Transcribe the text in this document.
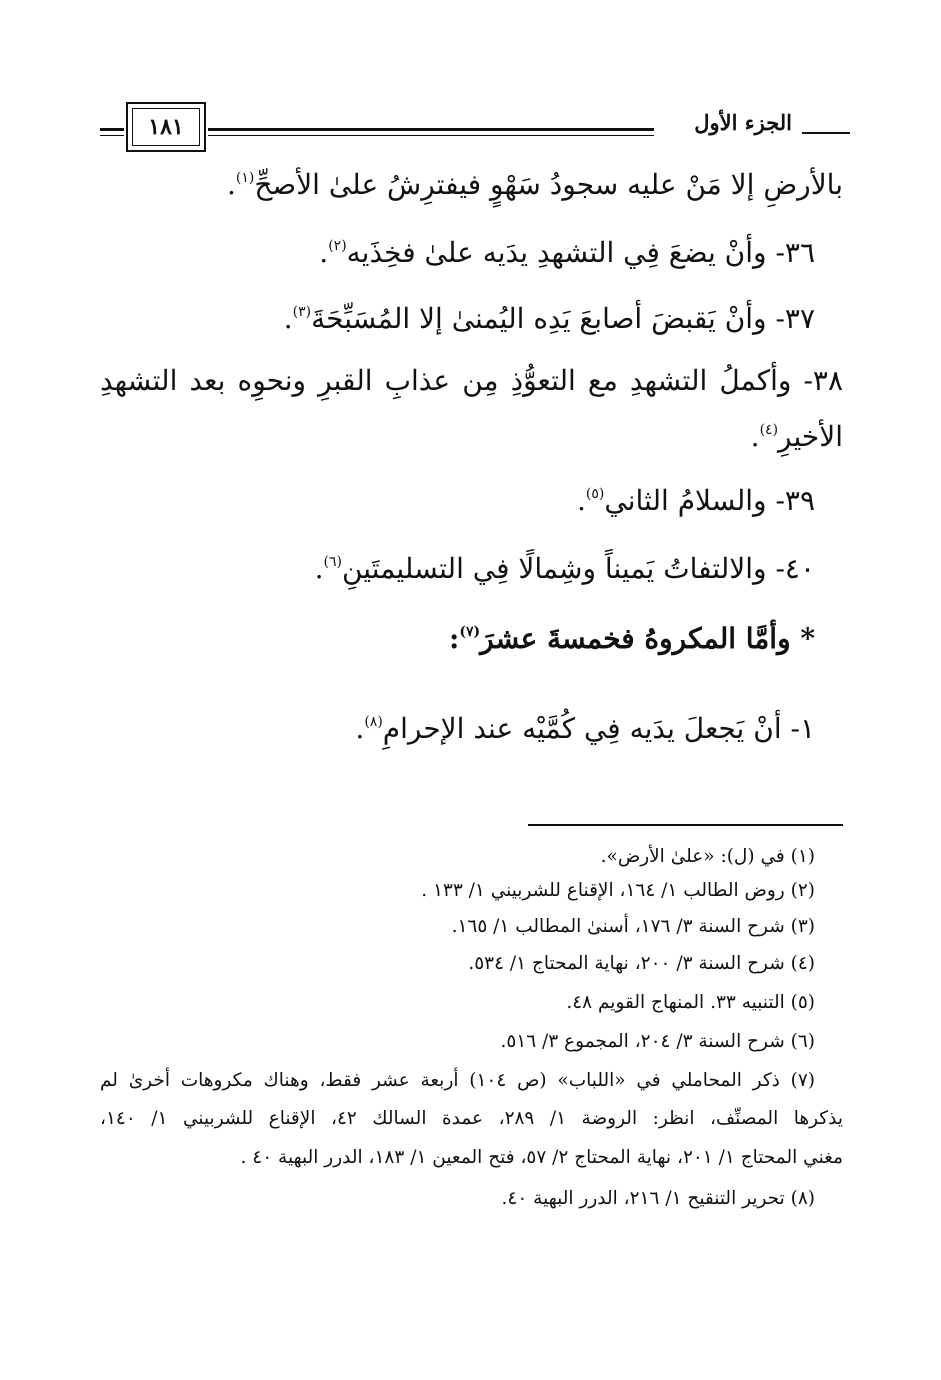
الجزء الأول
١٨١
بالأرضِ إلا مَنْ عليه سجودُ سَهْوٍ فيفترِشُ علىٰ الأصحِّ$^{(١)}$.
٣٦- وأنْ يضعَ فِي التشهدِ يدَيه علىٰ فخِذَيه$^{(٢)}$.
٣٧- وأنْ يَقبضَ أصابعَ يَدِه اليُمنىٰ إلا المُسَبِّحَةَ$^{(٣)}$.
٣٨- وأكملُ التشهدِ مع التعوُّذِ مِن عذابِ القبرِ ونحوِه بعد التشهدِ
الأخيرِ$^{(٤)}$.
٣٩- والسلامُ الثاني$^{(٥)}$.
٤٠- والالتفاتُ يَميناً وشِمالًا فِي التسليمتَينِ$^{(٦)}$.
* وأمَّا المكروهُ فخمسةَ عشرَ$^{(٧)}$:
١- أنْ يَجعلَ يدَيه فِي كُمَّيْه عند الإحرامِ$^{(٨)}$.
(١) في (ل): «علىٰ الأرض».
(٢) روض الطالب ١/ ١٦٤، الإقناع للشربيني ١/ ١٣٣ .
(٣) شرح السنة ٣/ ١٧٦، أسنىٰ المطالب ١/ ١٦٥.
(٤) شرح السنة ٣/ ٢٠٠، نهاية المحتاج ١/ ٥٣٤.
(٥) التنبيه ٣٣. المنهاج القويم ٤٨.
(٦) شرح السنة ٣/ ٢٠٤، المجموع ٣/ ٥١٦.
(٧) ذكر المحاملي في «اللباب» (ص ١٠٤) أربعة عشر فقط، وهناك مكروهات أخرىٰ لم
يذكرها المصنِّف، انظر: الروضة ١/ ٢٨٩، عمدة السالك ٤٢، الإقناع للشربيني ١/ ١٤٠،
مغني المحتاج ١/ ٢٠١، نهاية المحتاج ٢/ ٥٧، فتح المعين ١/ ١٨٣، الدرر البهية ٤٠ .
(٨) تحرير التنقيح ١/ ٢١٦، الدرر البهية ٤٠.
